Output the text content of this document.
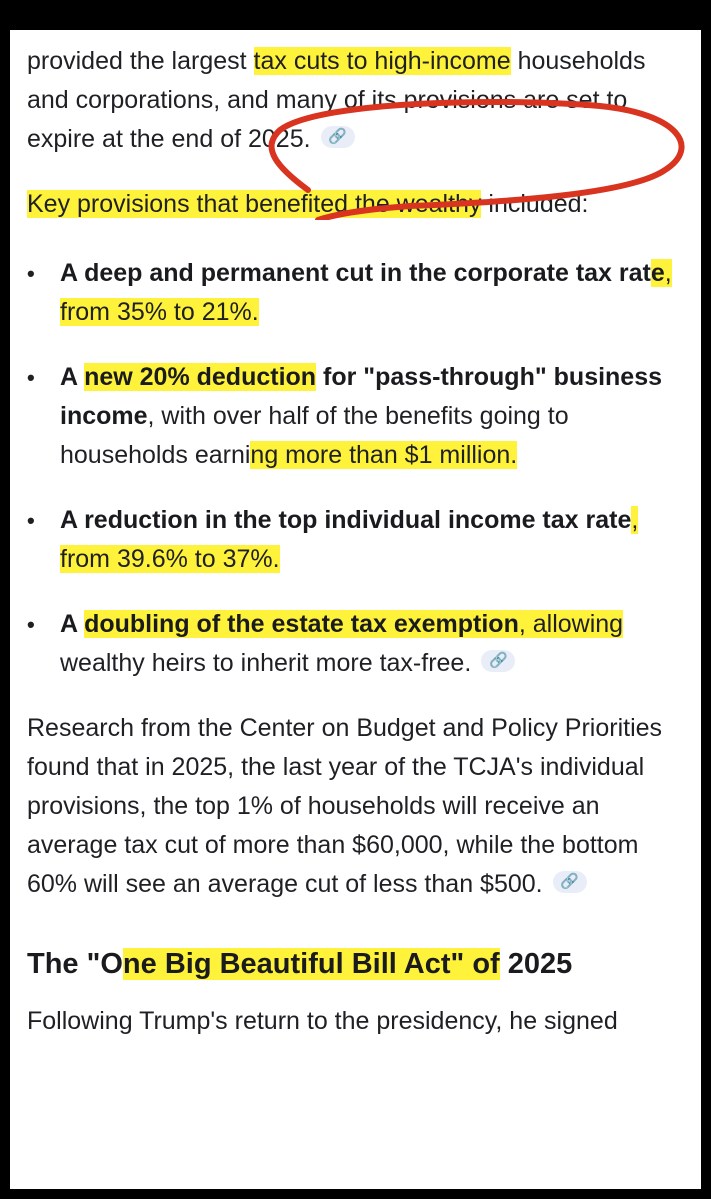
provided the largest tax cuts to high-income households and corporations, and many of its provisions are set to expire at the end of 2025.	🔗

Key provisions that benefited the wealthy included:

• A deep and permanent cut in the corporate tax rate, from 35% to 21%.
• A new 20% deduction for "pass-through" business income, with over half of the benefits going to households earning more than $1 million.
• A reduction in the top individual income tax rate, from 39.6% to 37%.
• A doubling of the estate tax exemption, allowing wealthy heirs to inherit more tax-free.	🔗

Research from the Center on Budget and Policy Priorities found that in 2025, the last year of the TCJA's individual provisions, the top 1% of households will receive an average tax cut of more than $60,000, while the bottom 60% will see an average cut of less than $500.	🔗

The "One Big Beautiful Bill Act" of 2025

Following Trump's return to the presidency, he signed
